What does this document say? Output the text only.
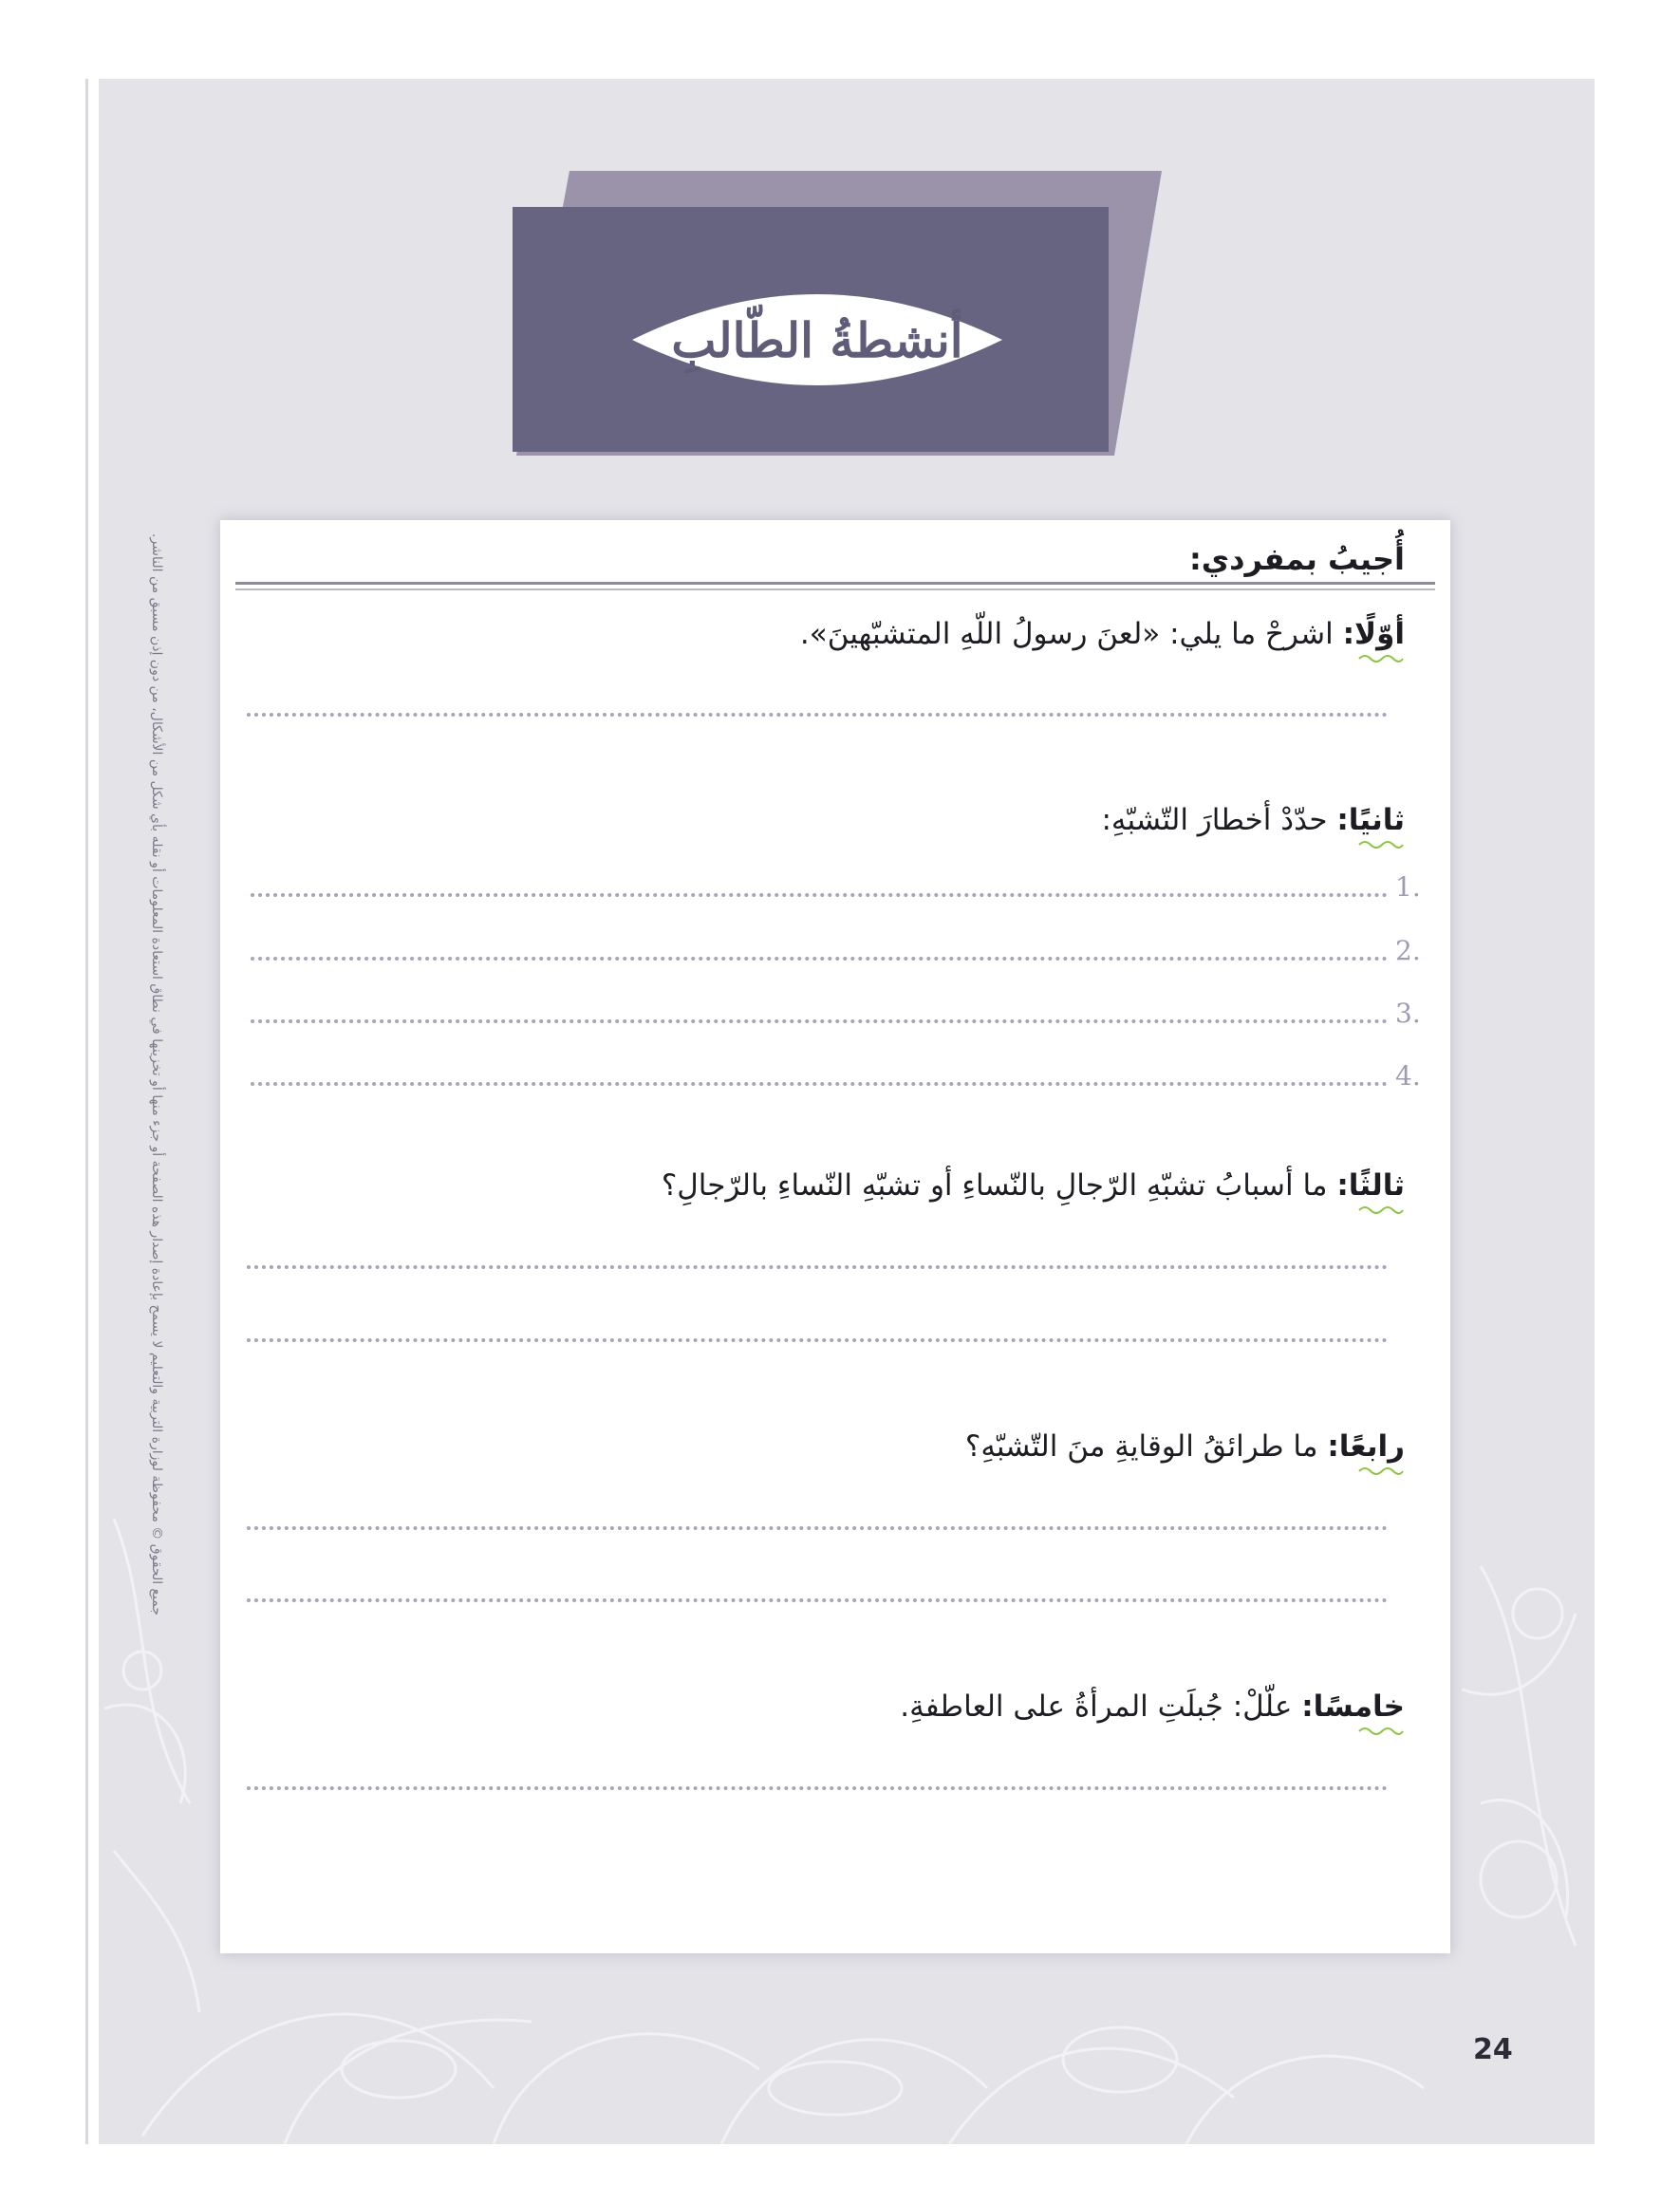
أنشطةُ الطّالبِ
جميع الحقوق © محفوظة لوزارة التربية والتعليم لا يسمح بإعادة إصدار هذه الصفحة أو جزء منها أو تخزينها في نطاق استعادة المعلومات أو نقله بأي شكل من الأشكال، من دون إذن مسبق من الناشر.	أُجيبُ بمفردي:
أوّلًا:
اشرحْ ما يلي: «لعنَ رسولُ اللّهِ المتشبّهينَ».
ثانيًا:
حدّدْ أخطارَ التّشبّهِ:
1.
2.
3.
4.
ثالثًا:
ما أسبابُ تشبّهِ الرّجالِ بالنّساءِ أو تشبّهِ النّساءِ بالرّجالِ؟
رابعًا:
ما طرائقُ الوقايةِ منَ التّشبّهِ؟
خامسًا:
علّلْ: جُبلَتِ المرأةُ على العاطفةِ.
24
